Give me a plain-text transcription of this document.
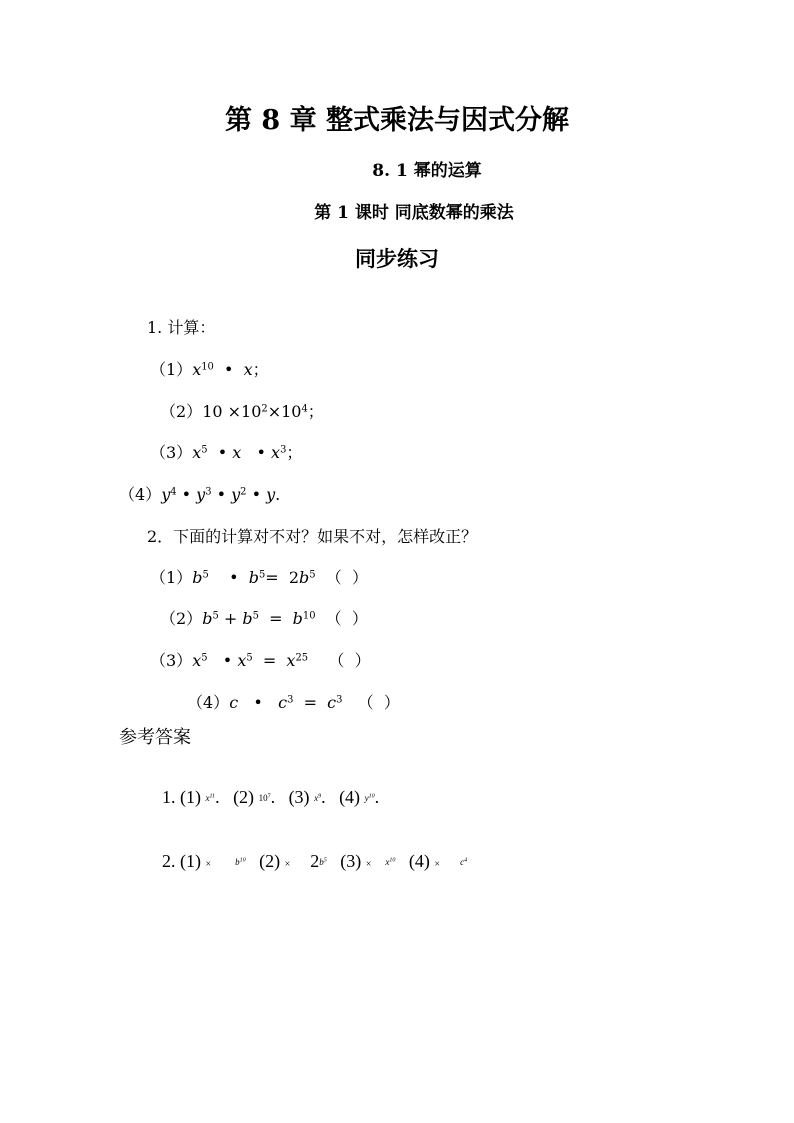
第 8 章 整式乘法与因式分解
8. 1 幂的运算
第 1 课时 同底数幂的乘法
同步练习
1. 计算：
$(1)x^{10}$  •  x；
$(2)10 \times 10^2\times 10^4$；
$(3)x^5$  • x   • $x^3$；
$(4)y^4$ • $y^3$ • $y^2$ • y.
2．下面的计算对不对？如果不对，怎样改正？
$(1)b^5$    •  $b^5= 2b^5$  （  ）
$(2)b^5 + b^5 = b^{10}$  （  ）
$(3)x^5$   • $x^5 = x^{25}$    （  ）
（4）c   •   $c^3 = c^3$   （  ）
参考答案
1. (1) $x^{11}$.   (2) $10^7$.   (3) $x^9$.   (4) $y^{10}$.
2. (1) ×	$b^{10}$   $(2) \times 2b^5$   $(3) \times x^{10}$   $(4) \times c^4$
